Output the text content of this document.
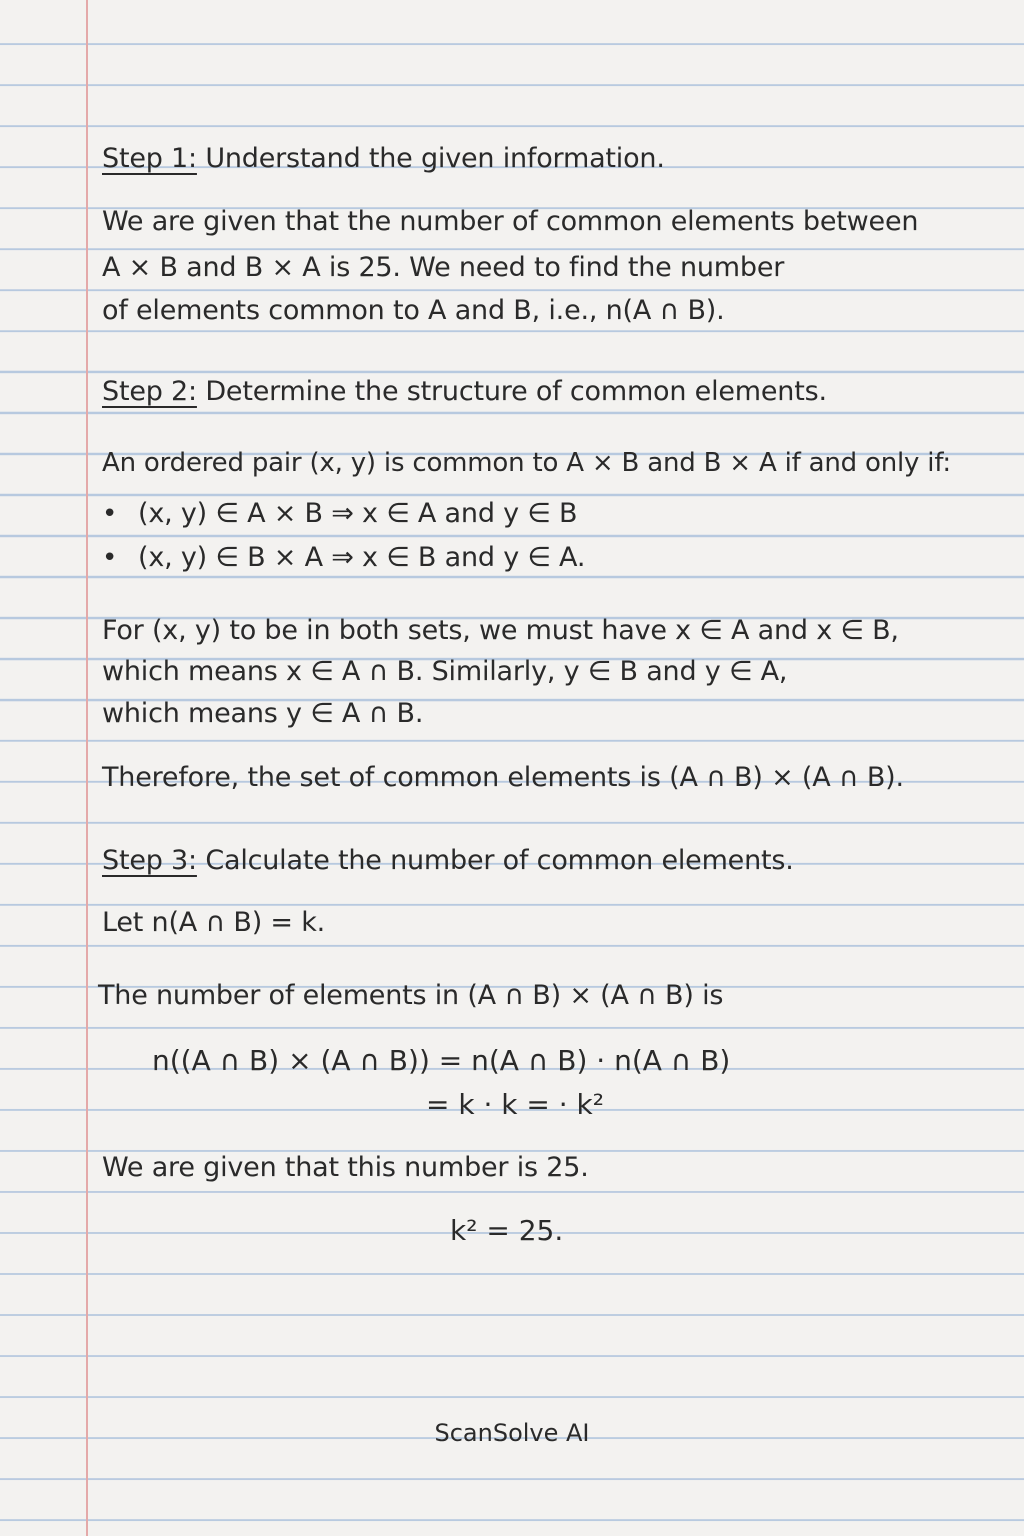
Step 1: Understand the given information.
We are given that the number of common elements between
A × B and B × A is 25. We need to find the number
of elements common to A and B, i.e., n(A ∩ B).
Step 2: Determine the structure of common elements.
An ordered pair (x, y) is common to A × B and B × A if and only if:
• (x, y) ∈ A × B ⇒ x ∈ A and y ∈ B
• (x, y) ∈ B × A ⇒ x ∈ B and y ∈ A.
For (x, y) to be in both sets, we must have x ∈ A and x ∈ B,
which means x ∈ A ∩ B. Similarly, y ∈ B and y ∈ A,
which means y ∈ A ∩ B.
Therefore, the set of common elements is (A ∩ B) × (A ∩ B).
Step 3: Calculate the number of common elements.
Let n(A ∩ B) = k.
The number of elements in (A ∩ B) × (A ∩ B) is
n((A ∩ B) × (A ∩ B)) = n(A ∩ B) · n(A ∩ B)
= k · k = · k²
We are given that this number is 25.
k² = 25.
ScanSolve AI
